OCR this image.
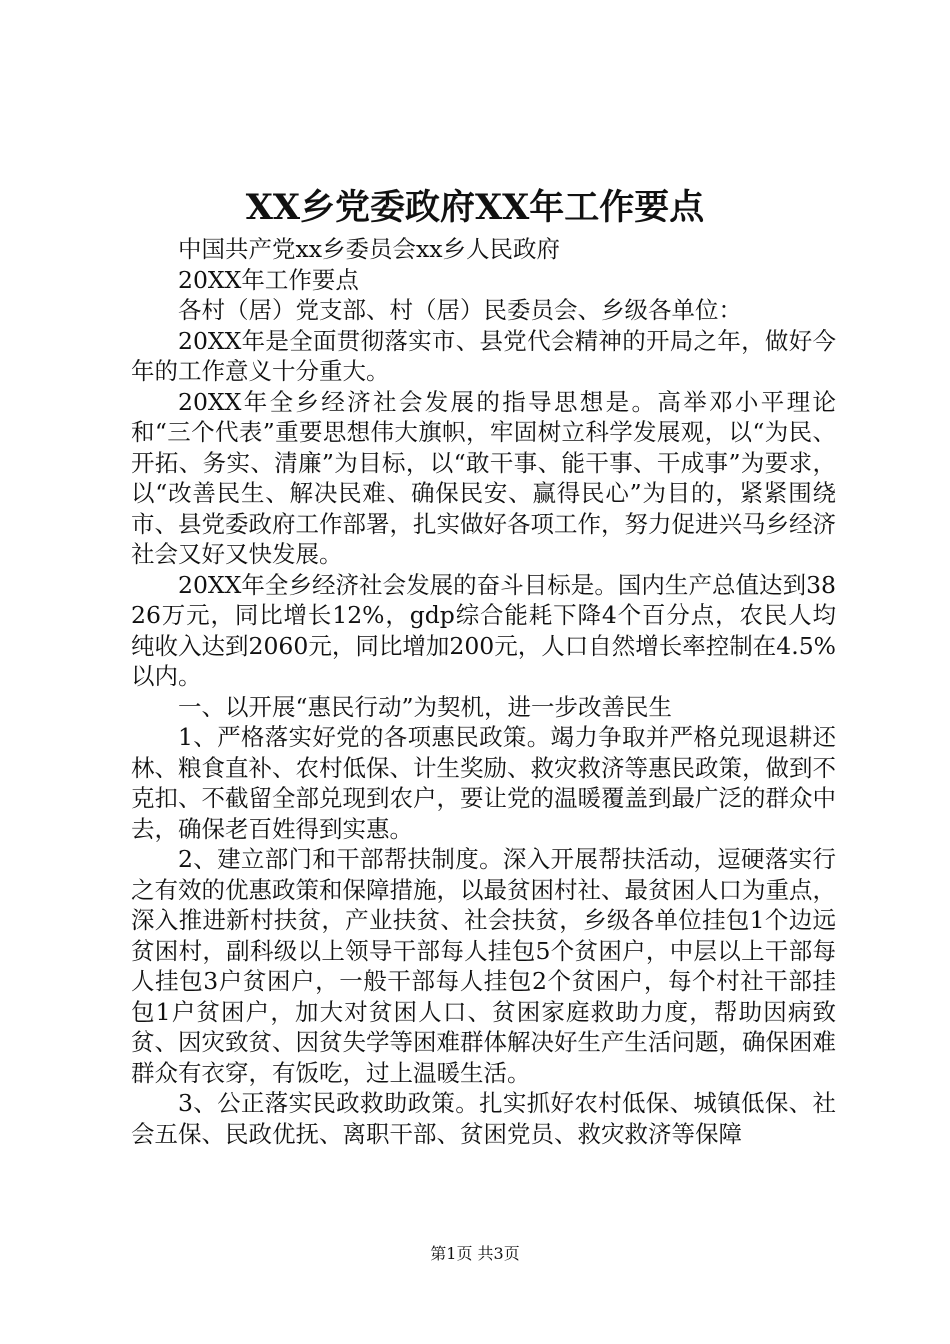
XX乡党委政府XX年工作要点

中国共产党xx乡委员会xx乡人民政府

20XX年工作要点

各村（居）党支部、村（居）民委员会、乡级各单位：

20XX年是全面贯彻落实市、县党代会精神的开局之年，做好今年的工作意义十分重大。

20XX年全乡经济社会发展的指导思想是。高举邓小平理论和“三个代表”重要思想伟大旗帜，牢固树立科学发展观，以“为民、开拓、务实、清廉”为目标，以“敢干事、能干事、干成事”为要求，以“改善民生、解决民难、确保民安、赢得民心”为目的，紧紧围绕市、县党委政府工作部署，扎实做好各项工作，努力促进兴马乡经济社会又好又快发展。

20XX年全乡经济社会发展的奋斗目标是。国内生产总值达到3826万元，同比增长12%，gdp综合能耗下降4个百分点，农民人均纯收入达到2060元，同比增加200元，人口自然增长率控制在4.5%以内。

一、以开展“惠民行动”为契机，进一步改善民生

1、严格落实好党的各项惠民政策。竭力争取并严格兑现退耕还林、粮食直补、农村低保、计生奖励、救灾救济等惠民政策，做到不克扣、不截留全部兑现到农户，要让党的温暖覆盖到最广泛的群众中去，确保老百姓得到实惠。

2、建立部门和干部帮扶制度。深入开展帮扶活动，逗硬落实行之有效的优惠政策和保障措施，以最贫困村社、最贫困人口为重点，深入推进新村扶贫，产业扶贫、社会扶贫，乡级各单位挂包1个边远贫困村，副科级以上领导干部每人挂包5个贫困户，中层以上干部每人挂包3户贫困户，一般干部每人挂包2个贫困户，每个村社干部挂包1户贫困户，加大对贫困人口、贫困家庭救助力度，帮助因病致贫、因灾致贫、因贫失学等困难群体解决好生产生活问题，确保困难群众有衣穿，有饭吃，过上温暖生活。

3、公正落实民政救助政策。扎实抓好农村低保、城镇低保、社会五保、民政优抚、离职干部、贫困党员、救灾救济等保障

第1页 共3页
